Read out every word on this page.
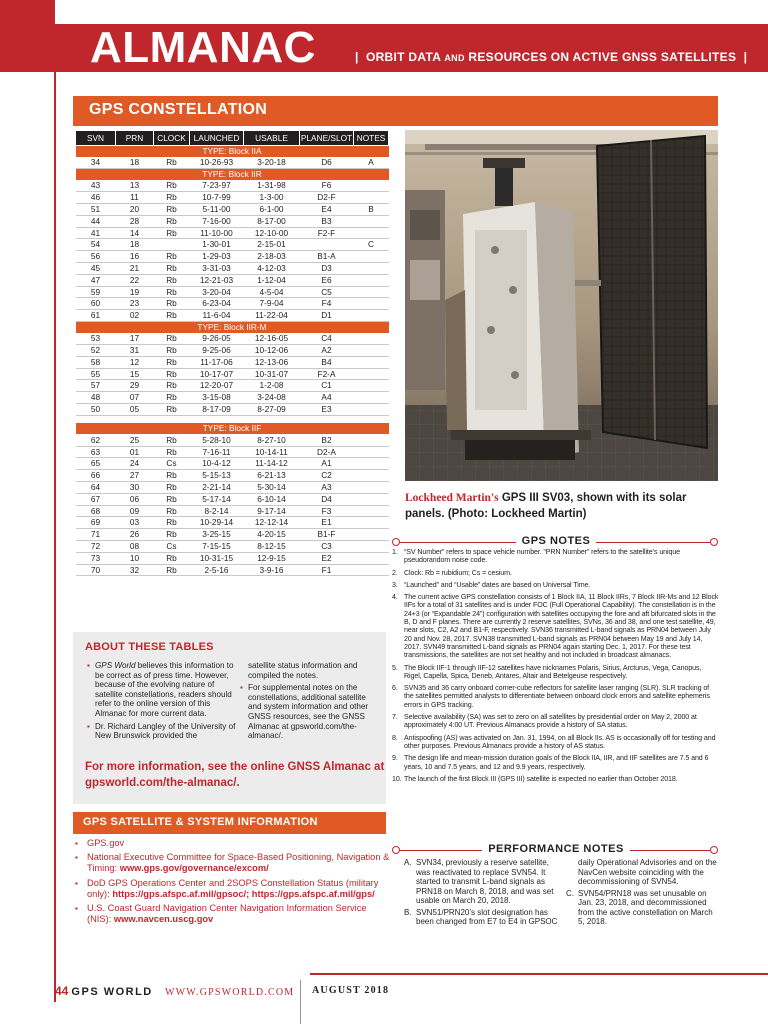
ALMANAC	| ORBIT DATA AND RESOURCES ON ACTIVE GNSS SATELLITES |
GPS CONSTELLATION
SVN	PRN	CLOCK	LAUNCHED	USABLE	PLANE/SLOT	NOTES
TYPE: Block IIA						
34	18	Rb	10-26-93	3-20-18	D6	A
TYPE: Block IIR						
43	13	Rb	7-23-97	1-31-98	F6	
46	11	Rb	10-7-99	1-3-00	D2-F	
51	20	Rb	5-11-00	6-1-00	E4	B
44	28	Rb	7-16-00	8-17-00	B3	
41	14	Rb	11-10-00	12-10-00	F2-F	
54	18		1-30-01	2-15-01		C
56	16	Rb	1-29-03	2-18-03	B1-A	
45	21	Rb	3-31-03	4-12-03	D3	
47	22	Rb	12-21-03	1-12-04	E6	
59	19	Rb	3-20-04	4-5-04	C5	
60	23	Rb	6-23-04	7-9-04	F4	
61	02	Rb	11-6-04	11-22-04	D1	
TYPE: Block IIR-M						
53	17	Rb	9-26-05	12-16-05	C4	
52	31	Rb	9-25-06	10-12-06	A2	
58	12	Rb	11-17-06	12-13-06	B4	
55	15	Rb	10-17-07	10-31-07	F2-A	
57	29	Rb	12-20-07	1-2-08	C1	
48	07	Rb	3-15-08	3-24-08	A4	
50	05	Rb	8-17-09	8-27-09	E3	

TYPE: Block IIF						
62	25	Rb	5-28-10	8-27-10	B2	
63	01	Rb	7-16-11	10-14-11	D2-A	
65	24	Cs	10-4-12	11-14-12	A1	
66	27	Rb	5-15-13	6-21-13	C2	
64	30	Rb	2-21-14	5-30-14	A3	
67	06	Rb	5-17-14	6-10-14	D4	
68	09	Rb	8-2-14	9-17-14	F3	
69	03	Rb	10-29-14	12-12-14	E1	
71	26	Rb	3-25-15	4-20-15	B1-F	
72	08	Cs	7-15-15	8-12-15	C3	
73	10	Rb	10-31-15	12-9-15	E2	
70	32	Rb	2-5-16	3-9-16	F1	
Lockheed Martin's GPS III SV03, shown with its solar panels. (Photo: Lockheed Martin)
GPS NOTES
1. “SV Number” refers to space vehicle number. “PRN Number” refers to the satellite’s unique pseudorandom noise code.
2. Clock: Rb = rubidium; Cs = cesium.
3. “Launched” and “Usable” dates are based on Universal Time.
4. The current active GPS constellation consists of 1 Block IIA, 11 Block IIRs, 7 Block IIR-Ms and 12 Block IIFs for a total of 31 satellites and is under FOC (Full Operational Capability). The constellation is in the 24+3 (or “Expandable 24”) configuration with satellites occupying the fore and aft bifurcated slots in the B, D and F planes. There are currently 2 reserve satellites, SVNs, 36 and 38, and one test satellite, 49, near slots, C2, A2 and B1-F, respectively. SVN36 transmitted L-band signals as PRN04 between July 20 and Nov. 28, 2017. SVN38 transmitted L-band signals as PRN04 between May 19 and July 14, 2017. SVN49 transmitted L-band signals as PRN04 again starting Dec. 1, 2017. For these test transmissions, the satellites are not set healthy and not included in broadcast almanacs.
5. The Block IIF-1 through IIF-12 satellites have nicknames Polaris, Sirius, Arcturus, Vega, Canopus, Rigel, Capella, Spica, Deneb, Antares, Altair and Betelgeuse respectively.
6. SVN35 and 36 carry onboard corner-cube reflectors for satellite laser ranging (SLR). SLR tracking of the satellites permitted analysts to differentiate between onboard clock errors and satellite ephemeris errors in GPS tracking.
7. Selective availability (SA) was set to zero on all satellites by presidential order on May 2, 2000 at approximately 4:00 UT. Previous Almanacs provide a history of SA status.
8. Antispoofing (AS) was activated on Jan. 31, 1994, on all Block IIs. AS is occasionally off for testing and other purposes. Previous Almanacs provide a history of AS status.
9. The design life and mean-mission duration goals of the Block IIA, IIR, and IIF satellites are 7.5 and 6 years, 10 and 7.5 years, and 12 and 9.9 years, respectively.
10. The launch of the first Block III (GPS III) satellite is expected no earlier than October 2018.
ABOUT THESE TABLES
▪ GPS World believes this information to be correct as of press time. However, because of the evolving nature of satellite constellations, readers should refer to the online version of this Almanac for more current data.
▪ Dr. Richard Langley of the University of New Brunswick provided the
satellite status information and compiled the notes.
▪ For supplemental notes on the constellations, additional satellite and system information and other GNSS resources, see the GNSS Almanac at gpsworld.com/the-almanac/.
For more information, see the online GNSS Almanac at gpsworld.com/the-almanac/.
GPS SATELLITE & SYSTEM INFORMATION
▪ GPS.gov
▪ National Executive Committee for Space-Based Positioning, Navigation & Timing: www.gps.gov/governance/excom/
▪ DoD GPS Operations Center and 2SOPS Constellation Status (military only): https://gps.afspc.af.mil/gpsoc/; https://gps.afspc.af.mil/gps/
▪ U.S. Coast Guard Navigation Center Navigation Information Service (NIS): www.navcen.uscg.gov
PERFORMANCE NOTES
A. SVN34, previously a reserve satellite, was reactivated to replace SVN54. It started to transmit L-band signals as PRN18 on March 8, 2018, and was set usable on March 20, 2018.
B. SVN51/PRN20’s slot designation has been changed from E7 to E4 in GPSOC
daily Operational Advisories and on the NavCen website coinciding with the decommissioning of SVN54.
C. SVN54/PRN18 was set unusable on Jan. 23, 2018, and decommissioned from the active constellation on March 5, 2018.
44 GPS WORLD WWW.GPSWORLD.COM AUGUST 2018
